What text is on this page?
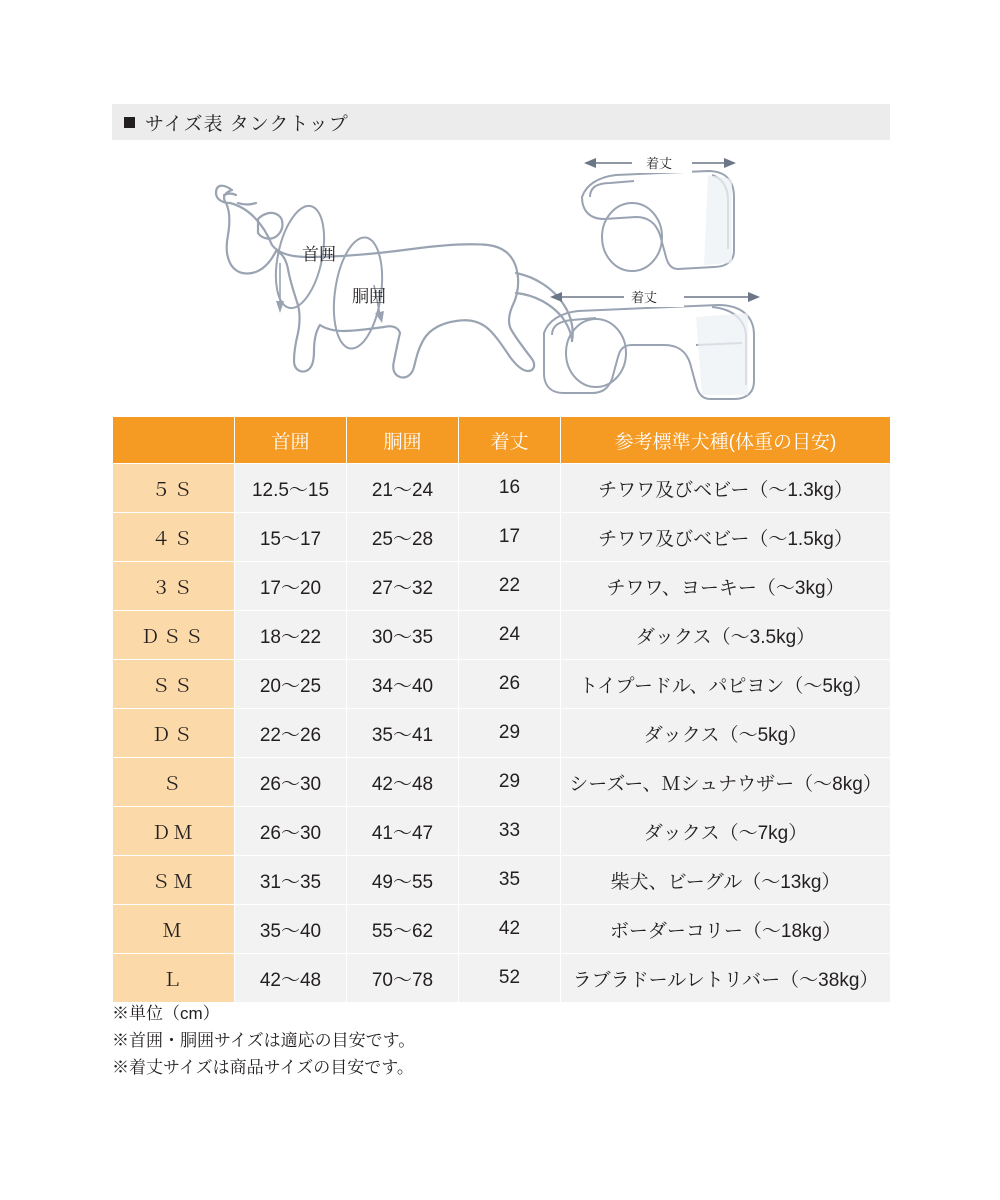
サイズ表 タンクトップ
首囲
胴囲
着丈
着丈
	首囲	胴囲	着丈	参考標準犬種(体重の目安)
５Ｓ	12.5〜15	21〜24	16	チワワ及びベビー（〜1.3kg）
４Ｓ	15〜17	25〜28	17	チワワ及びベビー（〜1.5kg）
３Ｓ	17〜20	27〜32	22	チワワ、ヨーキー（〜3kg）
ＤＳＳ	18〜22	30〜35	24	ダックス（〜3.5kg）
ＳＳ	20〜25	34〜40	26	トイプードル、パピヨン（〜5kg）
ＤＳ	22〜26	35〜41	29	ダックス（〜5kg）
Ｓ	26〜30	42〜48	29	シーズー、Ｍシュナウザー（〜8kg）
ＤＭ	26〜30	41〜47	33	ダックス（〜7kg）
ＳＭ	31〜35	49〜55	35	柴犬、ビーグル（〜13kg）
Ｍ	35〜40	55〜62	42	ボーダーコリー（〜18kg）
Ｌ	42〜48	70〜78	52	ラブラドールレトリバー（〜38kg）
※単位（cm）
※首囲・胴囲サイズは適応の目安です。
※着丈サイズは商品サイズの目安です。
